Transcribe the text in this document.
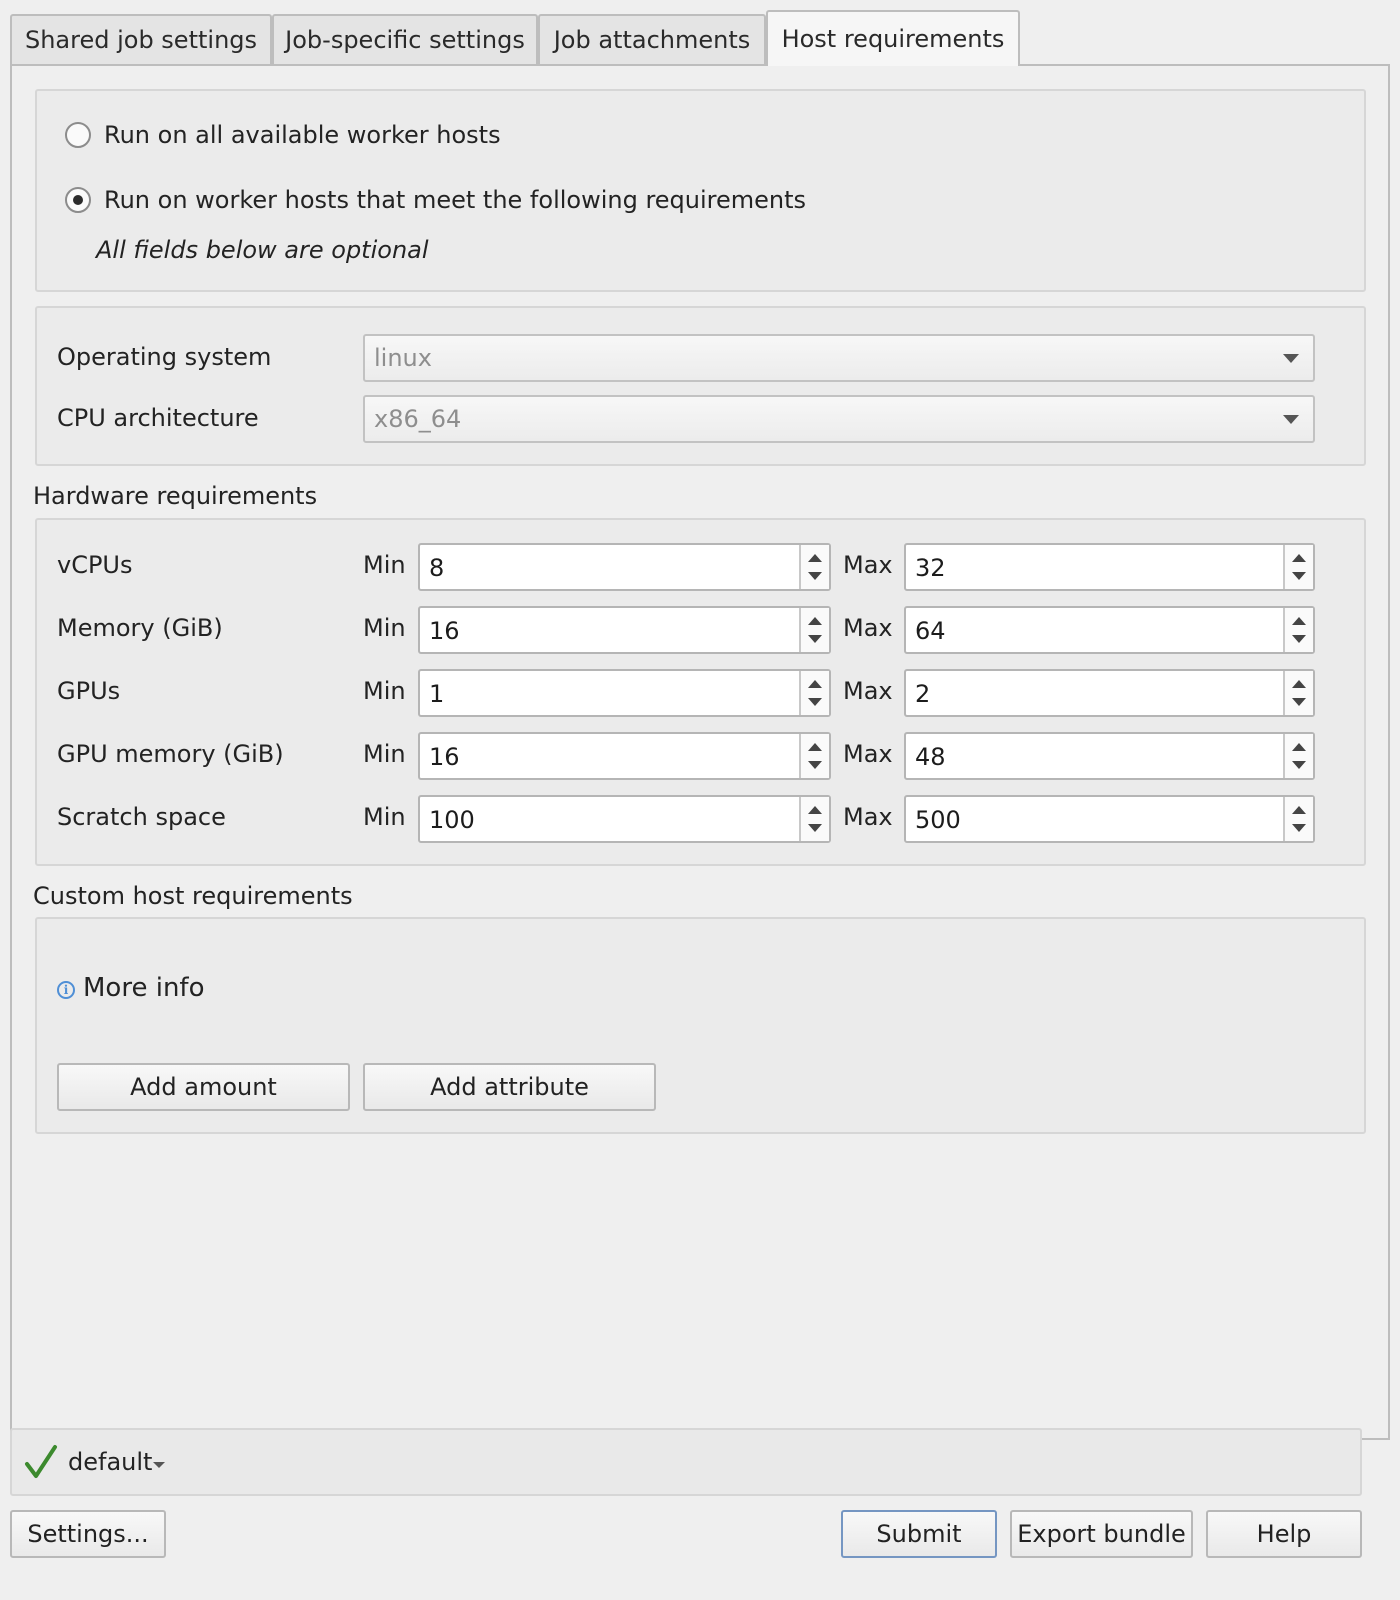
Shared job settings Job-specific settings Job attachments Host requirements
Run on all available worker hosts
Run on worker hosts that meet the following requirements
All fields below are optional
Operating system	linux
CPU architecture	x86_64
Hardware requirements
vCPUs	Min 8	Max 32
Memory (GiB)	Min 16	Max 64
GPUs	Min 1	Max 2
GPU memory (GiB)	Min 16	Max 48
Scratch space	Min 100	Max 500
Custom host requirements
i More info
Add amount	Add attribute
default
Settings...	Submit	Export bundle	Help
